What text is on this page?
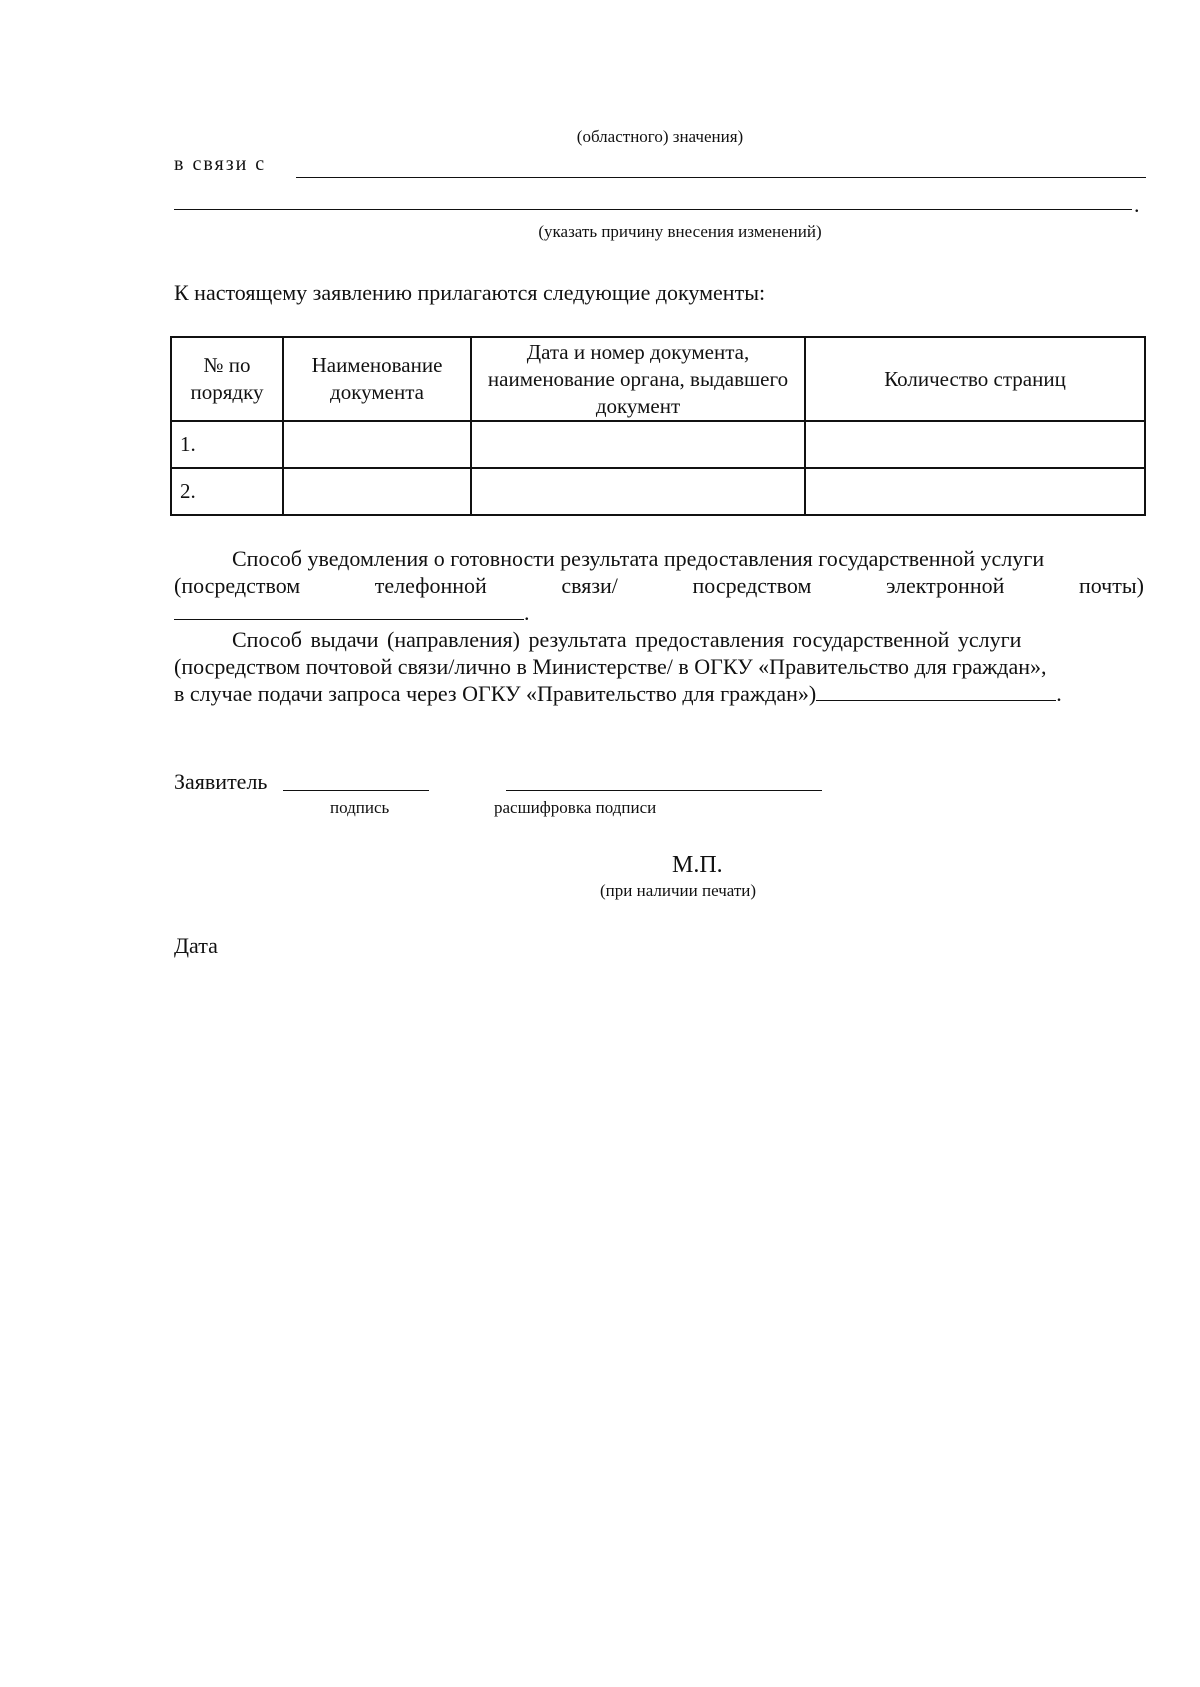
(областного) значения)
в связи с
.
(указать причину внесения изменений)
К настоящему заявлению прилагаются следующие документы:
№ по порядку	Наименование документа	Дата и номер документа, наименование органа, выдавшего документ	Количество страниц
1.			
2.			
Способ уведомления о готовности результата предоставления государственной услуги
(посредством	телефонной	связи/	посредством	электронной	почты)
.
Способ выдачи (направления) результата предоставления государственной услуги
(посредством почтовой связи/лично в Министерстве/ в ОГКУ «Правительство для граждан»,
в случае подачи запроса через ОГКУ «Правительство для граждан»)	.
Заявитель
подпись	расшифровка подписи
М.П.
(при наличии печати)
Дата
